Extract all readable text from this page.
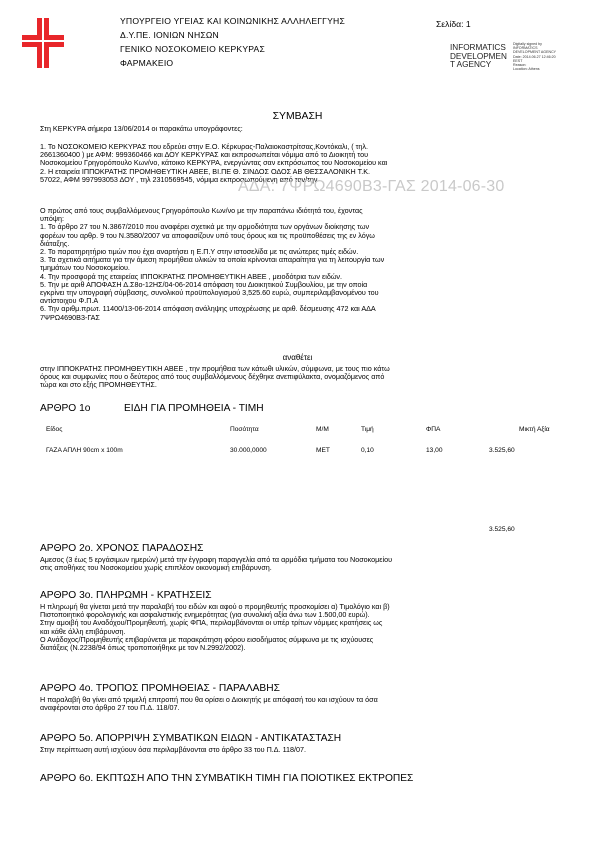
ΥΠΟΥΡΓΕΙΟ ΥΓΕΙΑΣ ΚΑΙ ΚΟΙΝΩΝΙΚΗΣ ΑΛΛΗΛΕΓΓΥΗΣ
Δ.Υ.ΠΕ. ΙΟΝΙΩΝ ΝΗΣΩΝ
ΓΕΝΙΚΟ ΝΟΣΟΚΟΜΕΙΟ ΚΕΡΚΥΡΑΣ
ΦΑΡΜΑΚΕΙΟ
Σελίδα: 1
INFORMATICS
DEVELOPMEN
T AGENCY
Digitally signed by
INFORMATICS
DEVELOPMENT AGENCY
Date: 2014.06.27 12:46:20
EEST
Reason:
Location: Athens
ΣΥΜΒΑΣΗ
Στη ΚΕΡΚΥΡΑ σήμερα 13/06/2014 οι παρακάτω υπογράφοντες:
1. Το ΝΟΣΟΚΟΜΕΙΟ ΚΕΡΚΥΡΑΣ που εδρεύει στην Ε.Ο. Κέρκυρας-Παλαιοκαστρίτσας,Κοντόκαλι, ( τηλ.
2661360400 ) με ΑΦΜ: 999360466 και ΔΟΥ ΚΕΡΚΥΡΑΣ και εκπροσωπείται νόμιμα από το Διοικητή του
Νοσοκομείου Γρηγορόπουλο Κων/νο, κάτοικο ΚΕΡΚΥΡΑ, ενεργώντας σαν εκπρόσωπος του Νοσοκομείου και
2. Η εταιρεία ΙΠΠΟΚΡΑΤΗΣ ΠΡΟΜΗΘΕΥΤΙΚΗ ΑΒΕΕ, ΒΙ.ΠΕ Θ. ΣΙΝΔΟΣ ΟΔΟΣ ΑΒ ΘΕΣΣΑΛΟΝΙΚΗ Τ.Κ.
57022, ΑΦΜ 997993053 ΔΟΥ , τηλ 2310569545, νόμιμα εκπροσωπούμενη από τον/την
ΑΔΑ: 7ΨΡΩ4690Β3-ΓΑΣ 2014-06-30
Ο πρώτος από τους συμβαλλόμενους Γρηγορόπουλο Κων/νο με την παραπάνω ιδιότητά του, έχοντας
υπόψη:
1. Το άρθρο 27 του Ν.3867/2010 που αναφέρει σχετικά με την αρμοδιότητα των οργάνων διοίκησης των
φορέων του αρθρ. 9 του Ν.3580/2007 να αποφασίζουν υπό τους όρους και τις προϋποθέσεις της εν λόγω
διάταξης.
2. Το παρατηρητήριο τιμών που έχει αναρτήσει η Ε.Π.Υ στην ιστοσελίδα με τις ανώτερες τιμές ειδών.
3. Τα σχετικά αιτήματα για την άμεση προμήθεια υλικών τα οποία κρίνονται απαραίτητα για τη λειτουργία των
τμημάτων του Νοσοκομείου.
4. Την προσφορά της εταιρείας ΙΠΠΟΚΡΑΤΗΣ ΠΡΟΜΗΘΕΥΤΙΚΗ ΑΒΕΕ , μειοδότρια των ειδών.
5. Την με αριθ ΑΠΟΦΑΣΗ Δ.Σ8ο-12ΗΣ/04-06-2014 απόφαση του Διοικητικού Συμβουλίου, με την οποία
εγκρίνει την υπογραφή σύμβασης, συνολικού προϋπολογισμού 3,525.60 ευρώ, συμπεριλαμβανομένου του
αντίστοιχου Φ.Π.Α
6. Την αριθμ.πρωτ. 11400/13-06-2014 απόφαση ανάληψης υποχρέωσης με αριθ. δέσμευσης 472 και ΑΔΑ
7ΨΡΩ4690Β3-ΓΑΣ
αναθέτει
στην ΙΠΠΟΚΡΑΤΗΣ ΠΡΟΜΗΘΕΥΤΙΚΗ ΑΒΕΕ , την προμήθεια των κάτωθι υλικών, σύμφωνα, με τους πιο κάτω
όρους και συμφωνίες που ο δεύτερος από τους συμβαλλόμενους δέχθηκε ανεπιφύλακτα, ονομαζόμενος από
τώρα και στο εξής ΠΡΟΜΗΘΕΥΤΗΣ.
ΑΡΘΡΟ 1ο	ΕΙΔΗ ΓΙΑ ΠΡΟΜΗΘΕΙΑ - ΤΙΜΗ
Είδος	Ποσότητα	Μ/Μ	Τιμή	ΦΠΑ	Μικτή Αξία
ΓΑΖΑ ΑΠΛΗ 90cm x 100m	30.000,0000	ΜΕΤ	0,10	13,00	3.525,60
3.525,60
ΑΡΘΡΟ 2ο. ΧΡΟΝΟΣ ΠΑΡΑΔΟΣΗΣ
Αμεσος (3 έως 5 εργάσιμων ημερών) μετά την έγγραφη παραγγελία από τα αρμόδια τμήματα του Νοσοκομείου
στις αποθήκες του Νοσοκομείου χωρίς επιπλέον οικονομική επιβάρυνση.
ΑΡΘΡΟ 3ο. ΠΛΗΡΩΜΗ - ΚΡΑΤΗΣΕΙΣ
Η πληρωμή θα γίνεται μετά την παραλαβή του ειδών και αφού ο προμηθευτής προσκομίσει α) Τιμολόγιο και β)
Πιστοποιητικό φορολογικής και ασφαλιστικής ενημερότητας (για συνολική αξία άνω των 1.500,00 ευρώ).
Στην αμοιβή του Αναδόχου/Προμηθευτή, χωρίς ΦΠΑ, περιλαμβάνονται οι υπέρ τρίτων νόμιμες κρατήσεις ως
και κάθε άλλη επιβάρυνση.
Ο Ανάδοχος/Προμηθευτής επιβαρύνεται με παρακράτηση φόρου εισοδήματος σύμφωνα με τις ισχύουσες
διατάξεις (Ν.2238/94 όπως τροποποιήθηκε με τον Ν.2992/2002).
ΑΡΘΡΟ 4ο. ΤΡΟΠΟΣ ΠΡΟΜΗΘΕΙΑΣ - ΠΑΡΑΛΑΒΗΣ
Η παραλαβή θα γίνει από τριμελή επιτροπή που θα ορίσει ο Διοικητής με απόφασή του και ισχύουν τα όσα
αναφέρονται στο άρθρο 27 του Π.Δ. 118/07.
ΑΡΘΡΟ 5ο. ΑΠΟΡΡΙΨΗ ΣΥΜΒΑΤΙΚΩΝ ΕΙΔΩΝ - ΑΝΤΙΚΑΤΑΣΤΑΣΗ
Στην περίπτωση αυτή ισχύουν όσα περιλαμβάνονται στο άρθρο 33 του Π.Δ. 118/07.
ΑΡΘΡΟ 6ο. ΕΚΠΤΩΣΗ ΑΠΟ ΤΗΝ ΣΥΜΒΑΤΙΚΗ ΤΙΜΗ ΓΙΑ ΠΟΙΟΤΙΚΕΣ ΕΚΤΡΟΠΕΣ
